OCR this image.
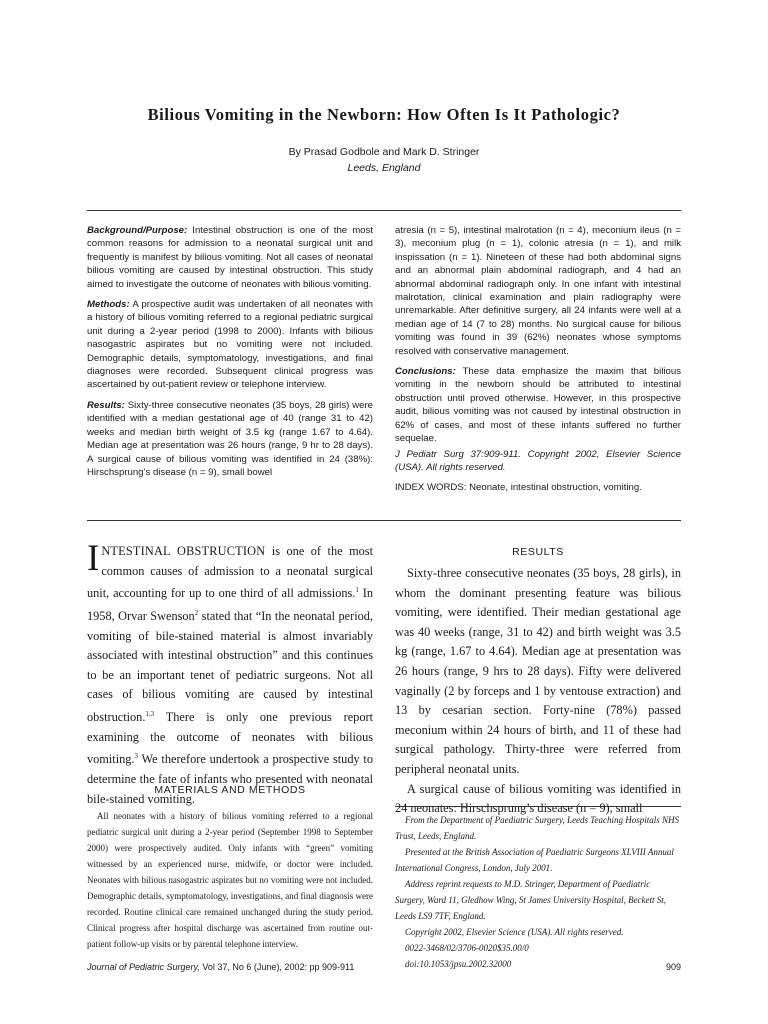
Bilious Vomiting in the Newborn: How Often Is It Pathologic?
By Prasad Godbole and Mark D. Stringer
Leeds, England

Background/Purpose: Intestinal obstruction is one of the most common reasons for admission to a neonatal surgical unit and frequently is manifest by bilious vomiting. Not all cases of neonatal bilious vomiting are caused by intestinal obstruction. This study aimed to investigate the outcome of neonates with bilious vomiting.

Methods: A prospective audit was undertaken of all neonates with a history of bilious vomiting referred to a regional pediatric surgical unit during a 2-year period (1998 to 2000). Infants with bilious nasogastric aspirates but no vomiting were not included. Demographic details, symptomatology, investigations, and final diagnoses were recorded. Subsequent clinical progress was ascertained by out-patient review or telephone interview.

Results: Sixty-three consecutive neonates (35 boys, 28 girls) were identified with a median gestational age of 40 (range 31 to 42) weeks and median birth weight of 3.5 kg (range 1.67 to 4.64). Median age at presentation was 26 hours (range, 9 hr to 28 days). A surgical cause of bilious vomiting was identified in 24 (38%): Hirschsprung’s disease (n = 9), small bowel

atresia (n = 5), intestinal malrotation (n = 4), meconium ileus (n = 3), meconium plug (n = 1), colonic atresia (n = 1), and milk inspissation (n = 1). Nineteen of these had both abdominal signs and an abnormal plain abdominal radiograph, and 4 had an abnormal abdominal radiograph only. In one infant with intestinal malrotation, clinical examination and plain radiography were unremarkable. After definitive surgery, all 24 infants were well at a median age of 14 (7 to 28) months. No surgical cause for bilious vomiting was found in 39 (62%) neonates whose symptoms resolved with conservative management.

Conclusions: These data emphasize the maxim that bilious vomiting in the newborn should be attributed to intestinal obstruction until proved otherwise. However, in this prospective audit, bilious vomiting was not caused by intestinal obstruction in 62% of cases, and most of these infants suffered no further sequelae.

J Pediatr Surg 37:909-911. Copyright 2002, Elsevier Science (USA). All rights reserved.

INDEX WORDS: Neonate, intestinal obstruction, vomiting.

INTESTINAL OBSTRUCTION is one of the most common causes of admission to a neonatal surgical unit, accounting for up to one third of all admissions.$^1$ In 1958, Orvar Swenson$^2$ stated that “In the neonatal period, vomiting of bile-stained material is almost invariably associated with intestinal obstruction” and this continues to be an important tenet of pediatric surgeons. Not all cases of bilious vomiting are caused by intestinal obstruction.$^{1,3}$ There is only one previous report examining the outcome of neonates with bilious vomiting.$^3$ We therefore undertook a prospective study to determine the fate of infants who presented with neonatal bile-stained vomiting.

MATERIALS AND METHODS

All neonates with a history of bilious vomiting referred to a regional pediatric surgical unit during a 2-year period (September 1998 to September 2000) were prospectively audited. Only infants with “green” vomiting witnessed by an experienced nurse, midwife, or doctor were included. Neonates with bilious nasogastric aspirates but no vomiting were not included. Demographic details, symptomatology, investigations, and final diagnosis were recorded. Routine clinical care remained unchanged during the study period. Clinical progress after hospital discharge was ascertained from routine out-patient follow-up visits or by parental telephone interview.

RESULTS

Sixty-three consecutive neonates (35 boys, 28 girls), in whom the dominant presenting feature was bilious vomiting, were identified. Their median gestational age was 40 weeks (range, 31 to 42) and birth weight was 3.5 kg (range, 1.67 to 4.64). Median age at presentation was 26 hours (range, 9 hrs to 28 days). Fifty were delivered vaginally (2 by forceps and 1 by ventouse extraction) and 13 by cesarian section. Forty-nine (78%) passed meconium within 24 hours of birth, and 11 of these had surgical pathology. Thirty-three were referred from peripheral neonatal units.

A surgical cause of bilious vomiting was identified in 24 neonates: Hirschsprung’s disease (n = 9), small

From the Department of Paediatric Surgery, Leeds Teaching Hospitals NHS Trust, Leeds, England.

Presented at the British Association of Paediatric Surgeons XLVIII Annual International Congress, London, July 2001.

Address reprint requests to M.D. Stringer, Department of Paediatric Surgery, Ward 11, Gledhow Wing, St James University Hospital, Beckett St, Leeds LS9 7TF, England.

Copyright 2002, Elsevier Science (USA). All rights reserved.

0022-3468/02/3706-0020$35.00/0

doi:10.1053/jpsu.2002.32000

Journal of Pediatric Surgery, Vol 37, No 6 (June), 2002: pp 909-911	909
